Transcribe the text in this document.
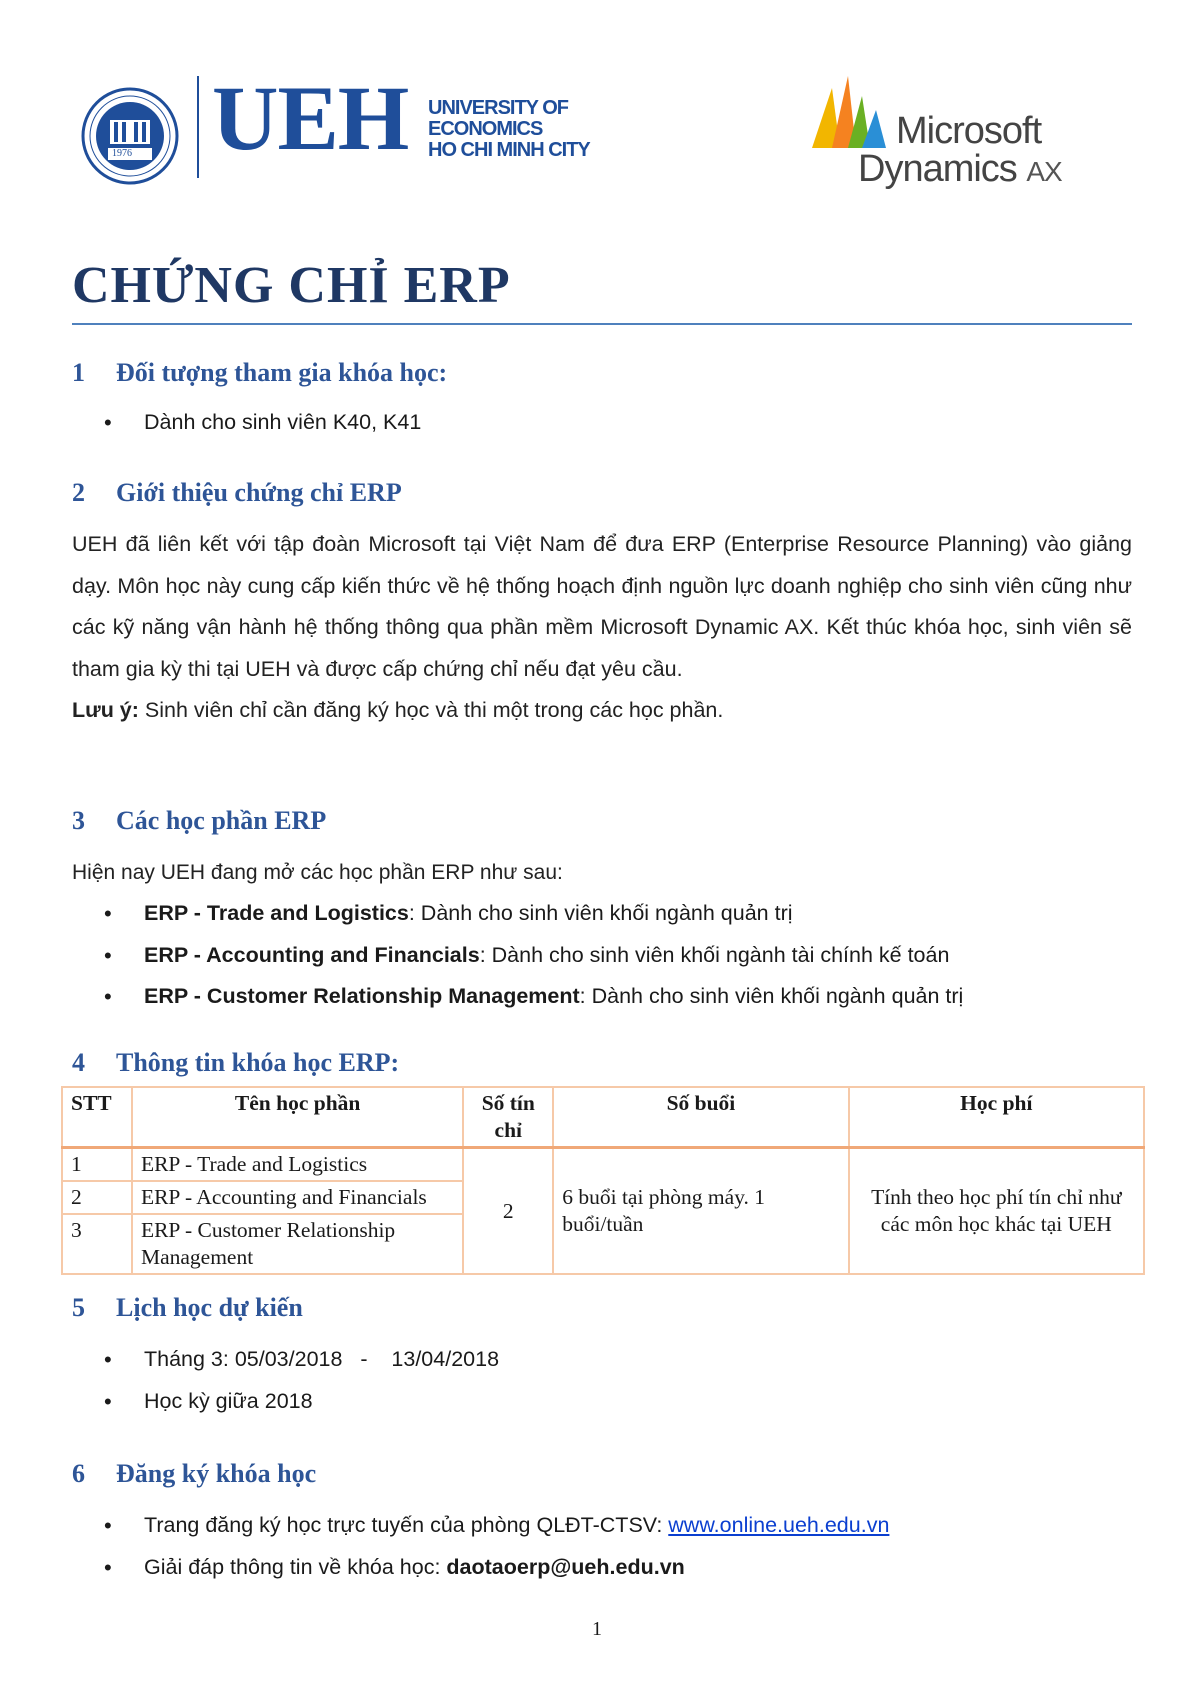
1976 UEH UNIVERSITY OF
ECONOMICS
HO CHI MINH CITY	Microsoft
Dynamics AX
CHỨNG CHỈ ERP
1 Đối tượng tham gia khóa học:
• Dành cho sinh viên K40, K41
2 Giới thiệu chứng chỉ ERP
UEH đã liên kết với tập đoàn Microsoft tại Việt Nam để đưa ERP (Enterprise Resource Planning) vào giảng dạy. Môn học này cung cấp kiến thức về hệ thống hoạch định nguồn lực doanh nghiệp cho sinh viên cũng như các kỹ năng vận hành hệ thống thông qua phần mềm Microsoft Dynamic AX. Kết thúc khóa học, sinh viên sẽ tham gia kỳ thi tại UEH và được cấp chứng chỉ nếu đạt yêu cầu.
Lưu ý: Sinh viên chỉ cần đăng ký học và thi một trong các học phần.
3 Các học phần ERP
Hiện nay UEH đang mở các học phần ERP như sau:
• ERP - Trade and Logistics: Dành cho sinh viên khối ngành quản trị
• ERP - Accounting and Financials: Dành cho sinh viên khối ngành tài chính kế toán
• ERP - Customer Relationship Management: Dành cho sinh viên khối ngành quản trị
4 Thông tin khóa học ERP:
STT	Tên học phần	Số tín chỉ	Số buổi	Học phí
1	ERP - Trade and Logistics	2	6 buổi tại phòng máy. 1 buổi/tuần	Tính theo học phí tín chỉ như các môn học khác tại UEH
2	ERP - Accounting and Financials			
3	ERP - Customer Relationship Management			
5 Lịch học dự kiến
• Tháng 3: 05/03/2018   -    13/04/2018
• Học kỳ giữa 2018
6 Đăng ký khóa học
• Trang đăng ký học trực tuyến của phòng QLĐT-CTSV: www.online.ueh.edu.vn
• Giải đáp thông tin về khóa học: daotaoerp@ueh.edu.vn
1
